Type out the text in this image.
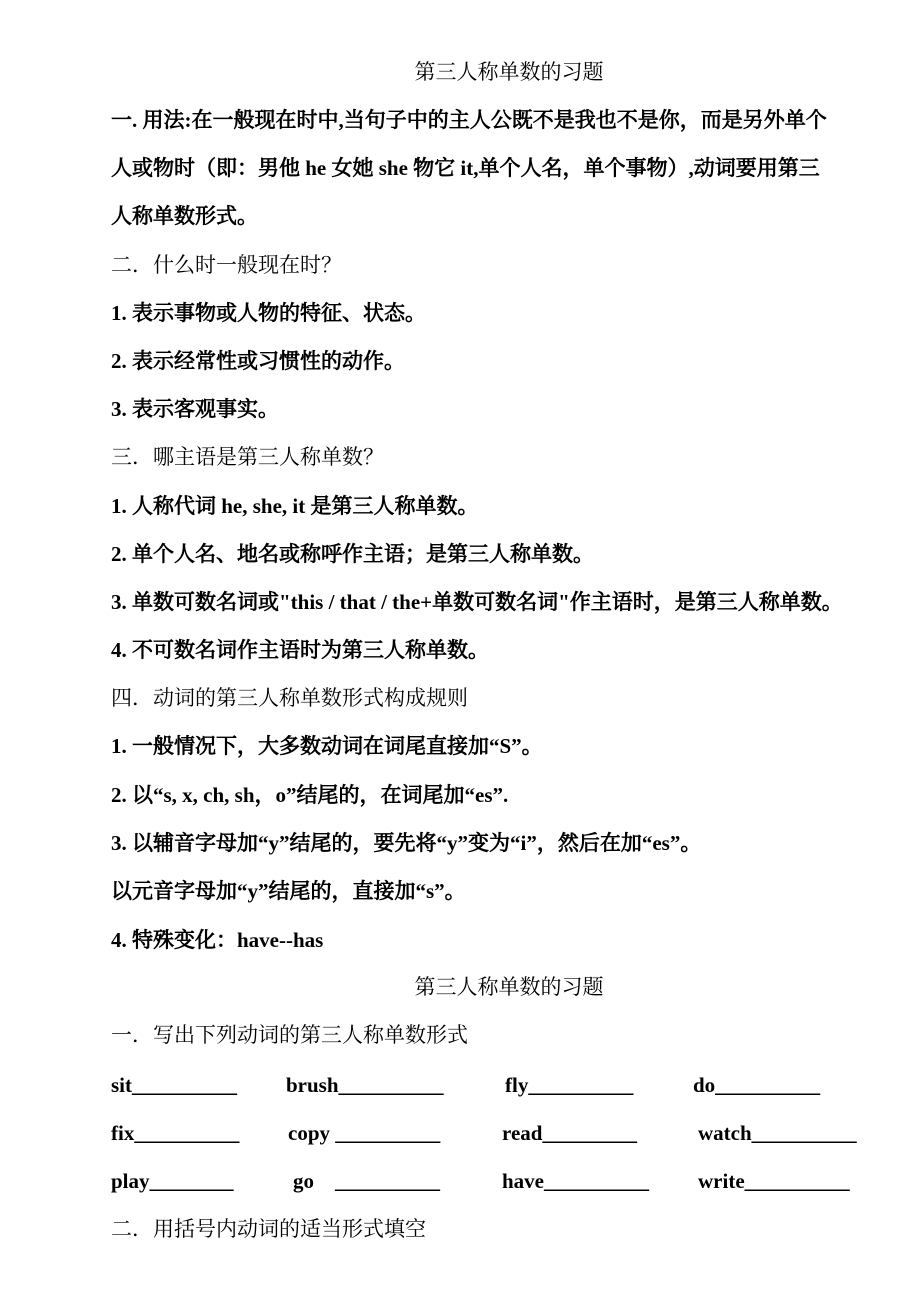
第三人称单数的习题
一. 用法:在一般现在时中,当句子中的主人公既不是我也不是你，而是另外单个
人或物时（即：男他 he 女她 she 物它 it,单个人名，单个事物）,动词要用第三
人称单数形式。
二．什么时一般现在时？
1. 表示事物或人物的特征、状态。
2. 表示经常性或习惯性的动作。
3. 表示客观事实。
三．哪主语是第三人称单数？
1. 人称代词 he, she, it 是第三人称单数。
2. 单个人名、地名或称呼作主语；是第三人称单数。
3. 单数可数名词或"this / that / the+单数可数名词"作主语时，是第三人称单数。
4. 不可数名词作主语时为第三人称单数。
四．动词的第三人称单数形式构成规则
1. 一般情况下，大多数动词在词尾直接加“S”。
2. 以“s, x, ch, sh，o”结尾的，在词尾加“es”.
3. 以辅音字母加“y”结尾的，要先将“y”变为“i”，然后在加“es”。
以元音字母加“y”结尾的，直接加“s”。
4. 特殊变化：have--has
第三人称单数的习题
一．写出下列动词的第三人称单数形式
sit__________ brush__________	fly__________	do__________
fix__________ copy __________	read_________	watch__________
play________	go    __________	have__________ write__________
二．用括号内动词的适当形式填空
